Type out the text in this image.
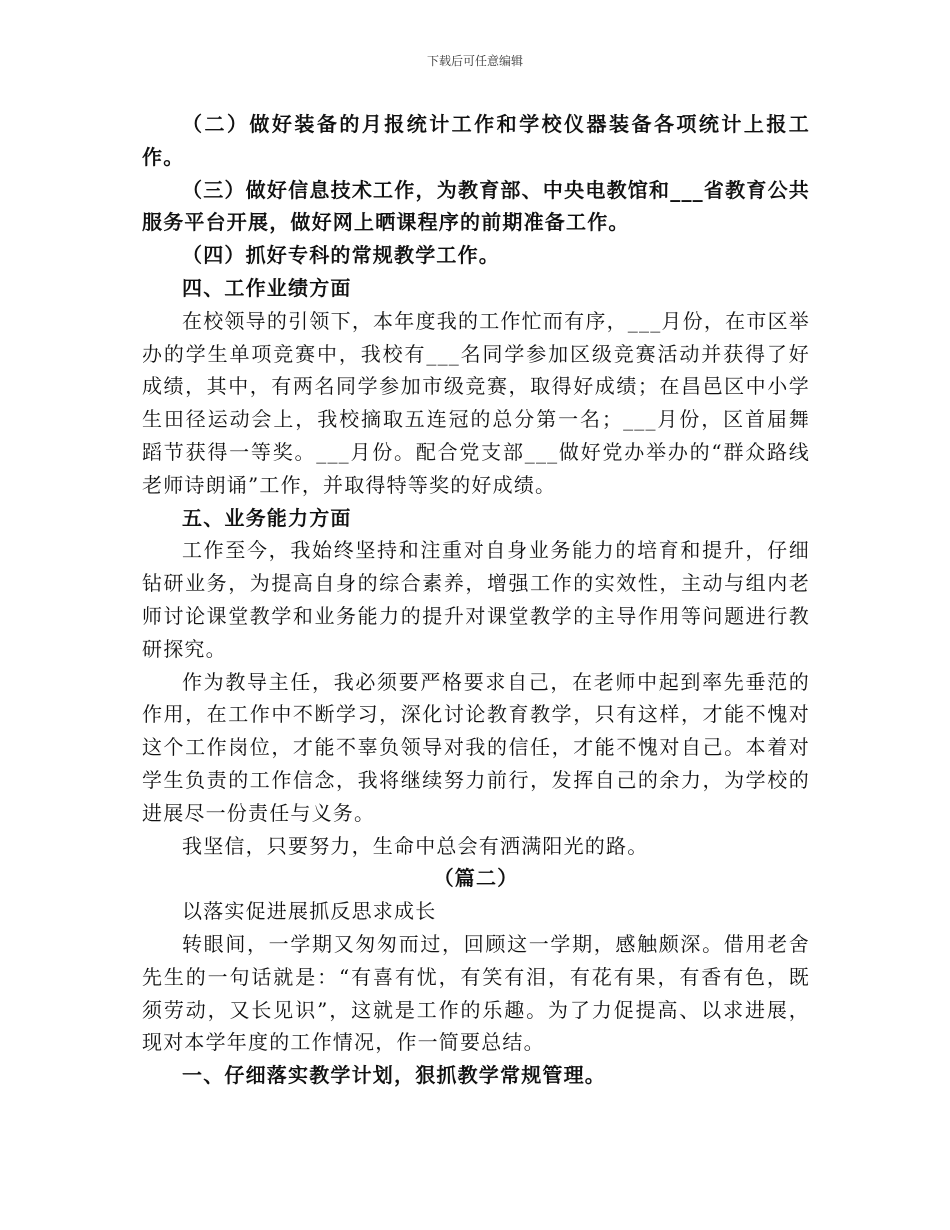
下载后可任意编辑

（二）做好装备的月报统计工作和学校仪器装备各项统计上报工作。

（三）做好信息技术工作，为教育部、中央电教馆和___省教育公共服务平台开展，做好网上晒课程序的前期准备工作。

（四）抓好专科的常规教学工作。

四、工作业绩方面

在校领导的引领下，本年度我的工作忙而有序，___月份，在市区举办的学生单项竞赛中，我校有___名同学参加区级竞赛活动并获得了好成绩，其中，有两名同学参加市级竞赛，取得好成绩；在昌邑区中小学生田径运动会上，我校摘取五连冠的总分第一名；___月份，区首届舞蹈节获得一等奖。___月份。配合党支部___做好党办举办的“群众路线老师诗朗诵”工作，并取得特等奖的好成绩。

五、业务能力方面

工作至今，我始终坚持和注重对自身业务能力的培育和提升，仔细钻研业务，为提高自身的综合素养，增强工作的实效性，主动与组内老师讨论课堂教学和业务能力的提升对课堂教学的主导作用等问题进行教研探究。

作为教导主任，我必须要严格要求自己，在老师中起到率先垂范的作用，在工作中不断学习，深化讨论教育教学，只有这样，才能不愧对这个工作岗位，才能不辜负领导对我的信任，才能不愧对自己。本着对学生负责的工作信念，我将继续努力前行，发挥自己的余力，为学校的进展尽一份责任与义务。

我坚信，只要努力，生命中总会有洒满阳光的路。

（篇二）

以落实促进展抓反思求成长

转眼间，一学期又匆匆而过，回顾这一学期，感触颇深。借用老舍先生的一句话就是：“有喜有忧，有笑有泪，有花有果，有香有色，既须劳动，又长见识”，这就是工作的乐趣。为了力促提高、以求进展，现对本学年度的工作情况，作一简要总结。

一、仔细落实教学计划，狠抓教学常规管理。
